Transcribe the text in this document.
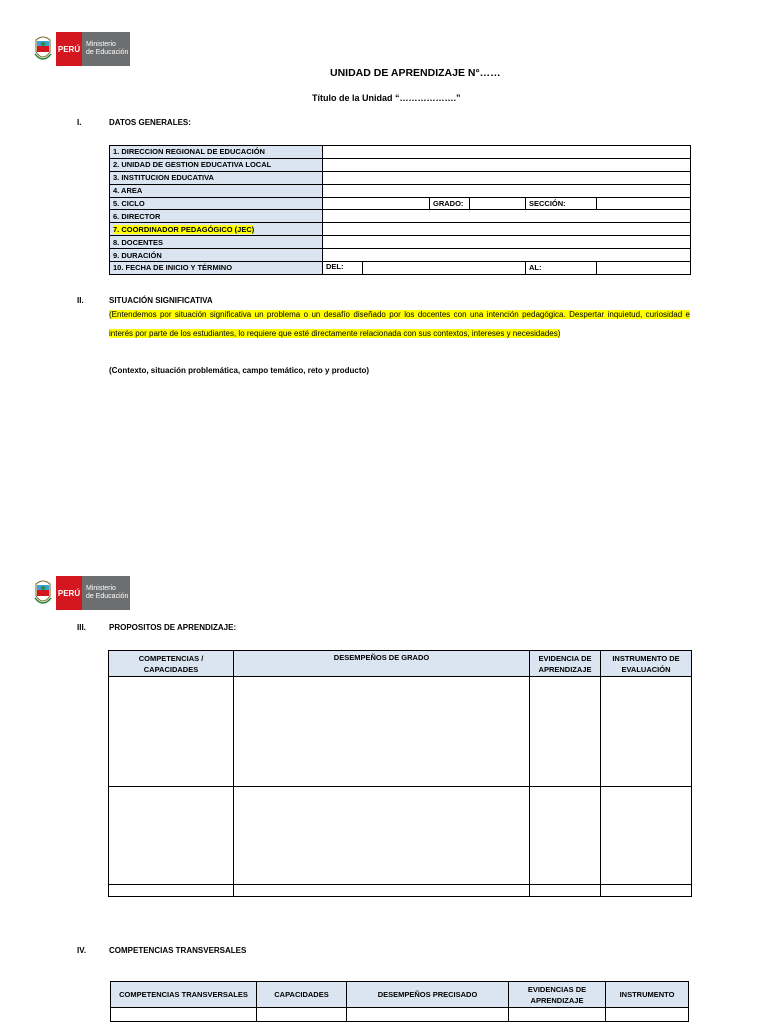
PERÚ Ministerio
de Educación
UNIDAD DE APRENDIZAJE N°……
Título de la Unidad “……………….”
I.	DATOS GENERALES:
1. DIRECCION REGIONAL DE EDUCACIÓN					
2. UNIDAD DE GESTION EDUCATIVA LOCAL					
3. INSTITUCION EDUCATIVA					
4. AREA					
5. CICLO		GRADO:		SECCIÓN:	
6. DIRECTOR					
7. COORDINADOR PEDAGÓGICO (JEC)					
8. DOCENTES					
9. DURACIÓN					
10. FECHA DE INICIO Y TÉRMINO	DEL:			AL:	
II.	SITUACIÓN SIGNIFICATIVA
(Entendemos por situación significativa un problema o un desafío diseñado por los docentes con una intención pedagógica. Despertar inquietud, curiosidad e interés por parte de los estudiantes, lo requiere que esté directamente relacionada con sus contextos, intereses y necesidades)
(Contexto, situación problemática, campo temático, reto y producto)
PERÚ Ministerio
de Educación
III.	PROPOSITOS DE APRENDIZAJE:
COMPETENCIAS / CAPACIDADES	DESEMPEÑOS DE GRADO	EVIDENCIA DE APRENDIZAJE	INSTRUMENTO DE EVALUACIÓN

IV.	COMPETENCIAS TRANSVERSALES
COMPETENCIAS TRANSVERSALES	CAPACIDADES	DESEMPEÑOS PRECISADO	EVIDENCIAS DE APRENDIZAJE	INSTRUMENTO
